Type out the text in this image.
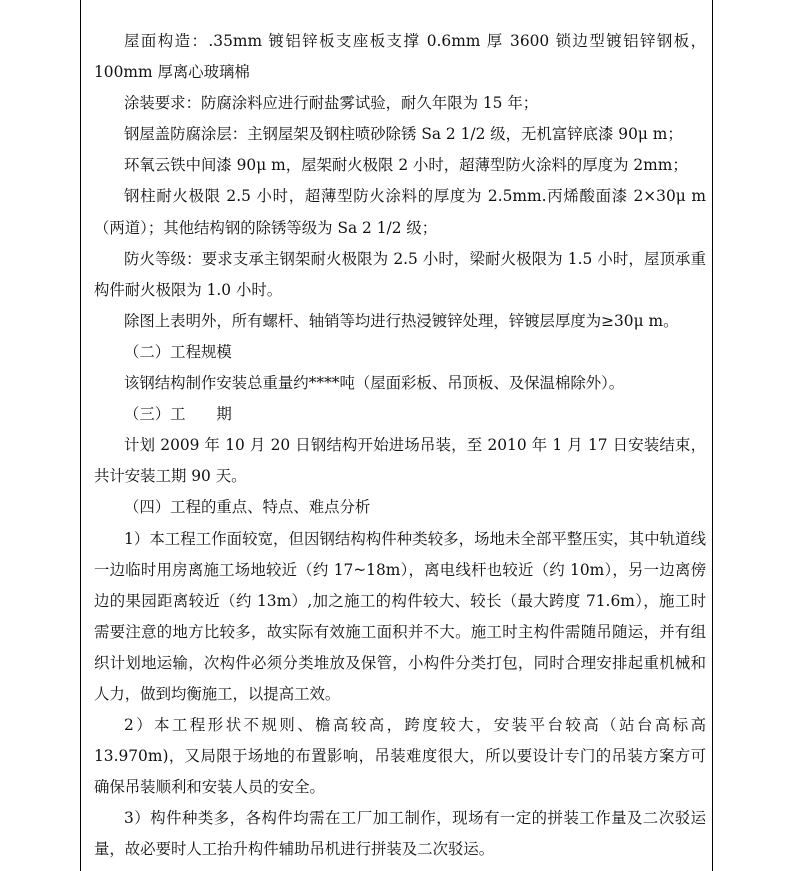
屋面构造：.35mm 镀铝锌板支座板支撑 0.6mm 厚 3600 锁边型镀铝锌钢板，100mm 厚离心玻璃棉

涂装要求：防腐涂料应进行耐盐雾试验，耐久年限为 15 年；

钢屋盖防腐涂层：主钢屋架及钢柱喷砂除锈 Sa 2 1/2 级，无机富锌底漆 90μ m；

环氧云铁中间漆 90μ m，屋架耐火极限 2 小时，超薄型防火涂料的厚度为 2mm；

钢柱耐火极限 2.5 小时，超薄型防火涂料的厚度为 2.5mm.丙烯酸面漆 2×30μ m（两道）；其他结构钢的除锈等级为 Sa 2 1/2 级；

防火等级：要求支承主钢架耐火极限为 2.5 小时，梁耐火极限为 1.5 小时，屋顶承重构件耐火极限为 1.0 小时。

除图上表明外，所有螺杆、轴销等均进行热浸镀锌处理，锌镀层厚度为≥30μ m。

（二）工程规模

该钢结构制作安装总重量约****吨（屋面彩板、吊顶板、及保温棉除外）。

（三）工　　期

计划 2009 年 10 月 20 日钢结构开始进场吊装，至 2010 年 1 月 17 日安装结束，共计安装工期 90 天。

（四）工程的重点、特点、难点分析

1）本工程工作面较宽，但因钢结构构件种类较多，场地未全部平整压实，其中轨道线一边临时用房离施工场地较近（约 17~18m），离电线杆也较近（约 10m），另一边离傍边的果园距离较近（约 13m）,加之施工的构件较大、较长（最大跨度 71.6m），施工时需要注意的地方比较多，故实际有效施工面积并不大。施工时主构件需随吊随运，并有组织计划地运输，次构件必须分类堆放及保管，小构件分类打包，同时合理安排起重机械和人力，做到均衡施工，以提高工效。

2）本工程形状不规则、檐高较高，跨度较大，安装平台较高（站台高标高 13.970m)，又局限于场地的布置影响，吊装难度很大，所以要设计专门的吊装方案方可确保吊装顺利和安装人员的安全。

3）构件种类多，各构件均需在工厂加工制作，现场有一定的拼装工作量及二次驳运量，故必要时人工抬升构件辅助吊机进行拼装及二次驳运。
